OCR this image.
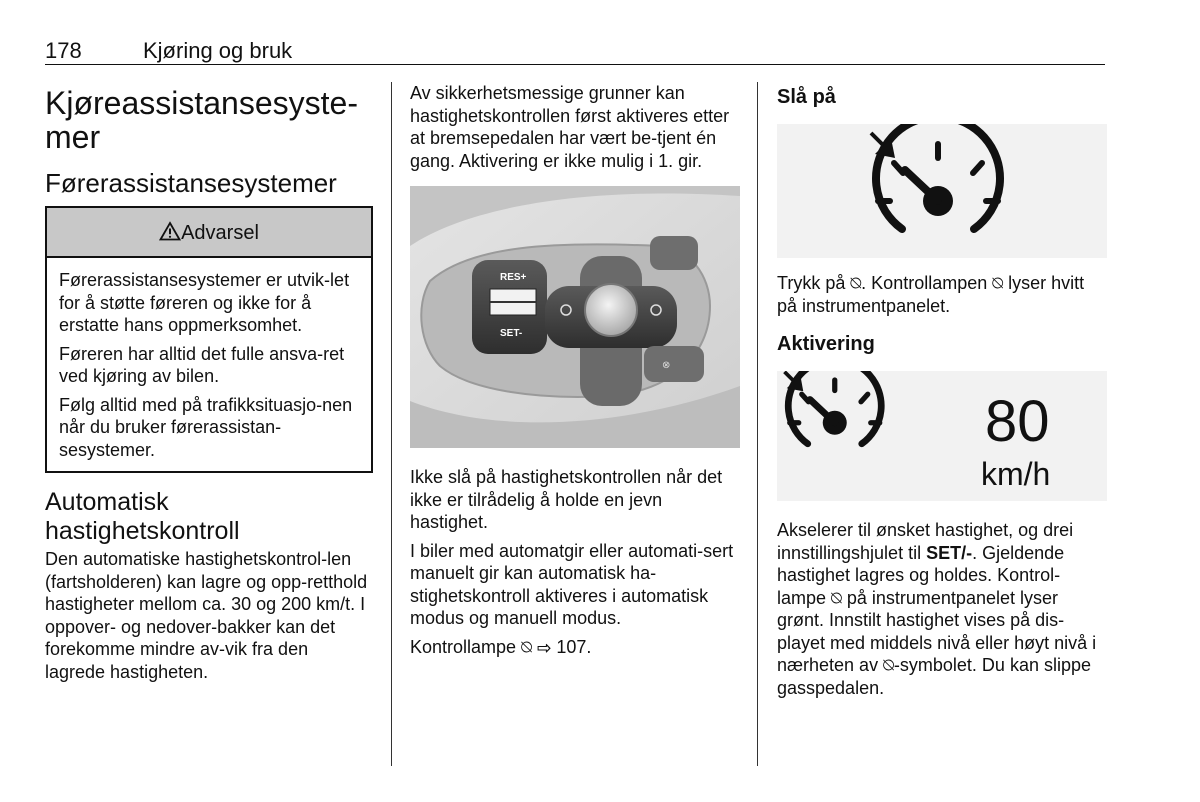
178	Kjøring og bruk
Kjøreassistansesyste-
mer
Førerassistansesystemer
Advarsel

Førerassistansesystemer er utvik-let for å støtte føreren og ikke for å erstatte hans oppmerksomhet.

Føreren har alltid det fulle ansva-ret ved kjøring av bilen.

Følg alltid med på trafikksituasjo-nen når du bruker førerassistan-sesystemer.

Automatisk
hastighetskontroll

Den automatiske hastighetskontrol-len (fartsholderen) kan lagre og opp-retthold hastigheter mellom ca. 30 og 200 km/t. I oppover- og nedover-bakker kan det forekomme mindre av-vik fra den lagrede hastigheten.

Av sikkerhetsmessige grunner kan hastighetskontrollen først aktiveres etter at bremsepedalen har vært be-tjent én gang. Aktivering er ikke mulig i 1. gir.

RES+
SET-
⊗

Ikke slå på hastighetskontrollen når det ikke er tilrådelig å holde en jevn hastighet.

I biler med automatgir eller automati-sert manuelt gir kan automatisk ha-stighetskontroll aktiveres i automatisk modus og manuell modus.

Kontrollampe ⍉ ⇨ 107.

Slå på

Trykk på ⍉. Kontrollampen ⍉ lyser hvitt på instrumentpanelet.

Aktivering
80
km/h

Akselerer til ønsket hastighet, og drei innstillingshjulet til SET/-. Gjeldende hastighet lagres og holdes. Kontrol-lampe ⍉ på instrumentpanelet lyser grønt. Innstilt hastighet vises på dis-playet med middels nivå eller høyt nivå i nærheten av ⍉-symbolet. Du kan slippe gasspedalen.
